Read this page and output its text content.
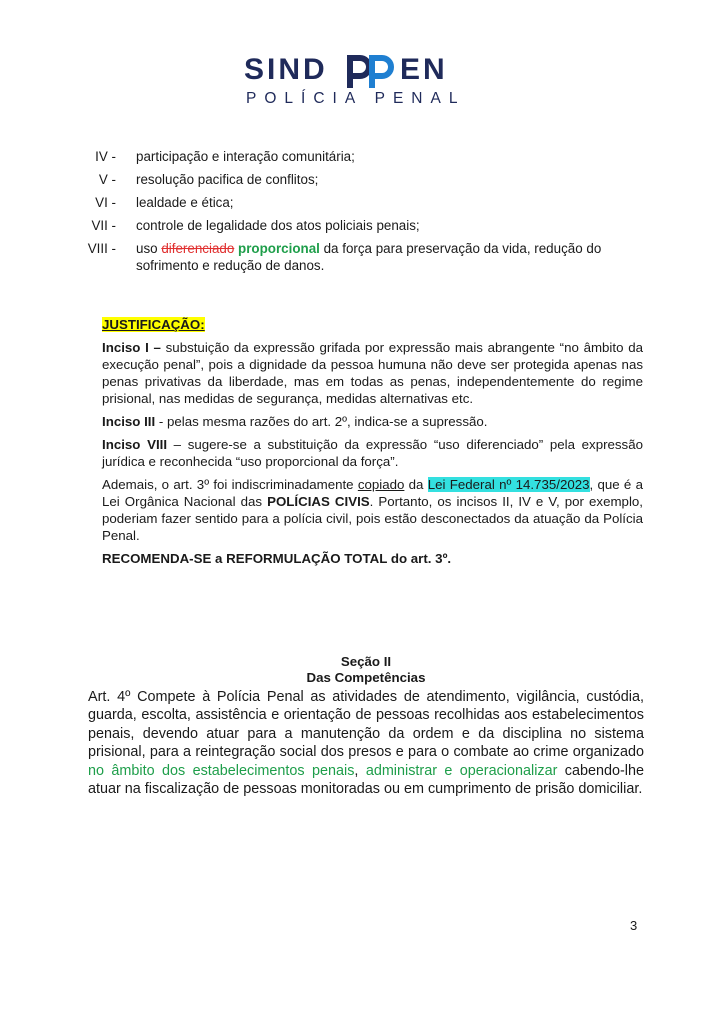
SIND EN
POLÍCIA PENAL
IV - participação e interação comunitária;
V - resolução pacifica de conflitos;
VI - lealdade e ética;
VII - controle de legalidade dos atos policiais penais;
VIII - uso diferenciado proporcional da força para preservação da vida, redução do sofrimento e redução de danos.

JUSTIFICAÇÃO:

Inciso I – substuição da expressão grifada por expressão mais abrangente “no âmbito da execução penal”, pois a dignidade da pessoa humuna não deve ser protegida apenas nas penas privativas da liberdade, mas em todas as penas, independentemente do regime prisional, nas medidas de segurança, medidas alternativas etc.

Inciso III - pelas mesma razões do art. 2º, indica-se a supressão.

Inciso VIII – sugere-se a substituição da expressão “uso diferenciado” pela expressão jurídica e reconhecida “uso proporcional da força”.

Ademais, o art. 3º foi indiscriminadamente copiado da Lei Federal nº 14.735/2023, que é a Lei Orgânica Nacional das POLÍCIAS CIVIS. Portanto, os incisos II, IV e V, por exemplo, poderiam fazer sentido para a polícia civil, pois estão desconectados da atuação da Polícia Penal.

RECOMENDA-SE a REFORMULAÇÃO TOTAL do art. 3º.

Seção II
Das Competências
Art. 4º Compete à Polícia Penal as atividades de atendimento, vigilância, custódia, guarda, escolta, assistência e orientação de pessoas recolhidas aos estabelecimentos penais, devendo atuar para a manutenção da ordem e da disciplina no sistema prisional, para a reintegração social dos presos e para o combate ao crime organizado no âmbito dos estabelecimentos penais, administrar e operacionalizar cabendo-lhe atuar na fiscalização de pessoas monitoradas ou em cumprimento de prisão domiciliar.
3
